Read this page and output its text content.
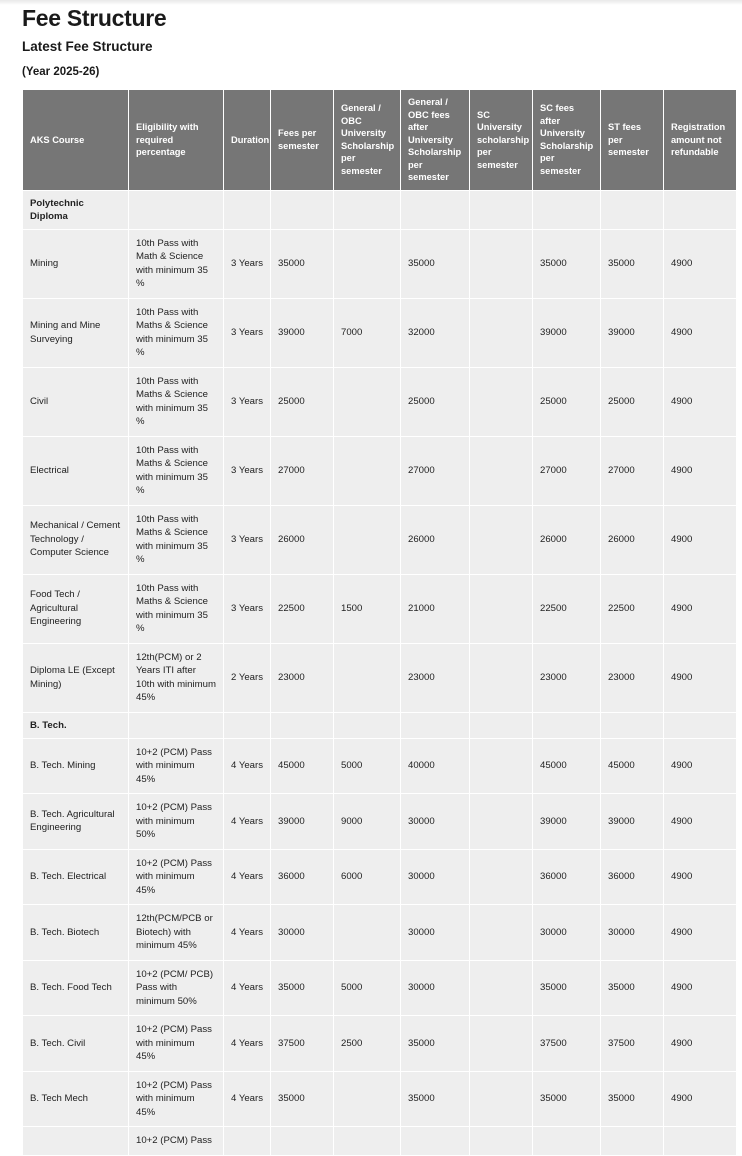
Fee Structure
Latest Fee Structure

(Year 2025-26)

AKS Course	Eligibility with required percentage	Duration	Fees per semester	General / OBC University Scholarship per semester	General / OBC fees after University Scholarship per semester	SC University scholarship per semester	SC fees after University Scholarship per semester	ST fees per semester	Registration amount not refundable
Polytechnic Diploma									
Mining	10th Pass with Math & Science with minimum 35 %	3 Years	35000		35000		35000	35000	4900
Mining and Mine Surveying	10th Pass with Maths & Science with minimum 35 %	3 Years	39000	7000	32000		39000	39000	4900
Civil	10th Pass with Maths & Science with minimum 35 %	3 Years	25000		25000		25000	25000	4900
Electrical	10th Pass with Maths & Science with minimum 35 %	3 Years	27000		27000		27000	27000	4900
Mechanical / Cement Technology / Computer Science	10th Pass with Maths & Science with minimum 35 %	3 Years	26000		26000		26000	26000	4900
Food Tech / Agricultural Engineering	10th Pass with Maths & Science with minimum 35 %	3 Years	22500	1500	21000		22500	22500	4900
Diploma LE (Except Mining)	12th(PCM) or 2 Years ITI after 10th with minimum 45%	2 Years	23000		23000		23000	23000	4900
B. Tech.									
B. Tech. Mining	10+2 (PCM) Pass with minimum 45%	4 Years	45000	5000	40000		45000	45000	4900
B. Tech. Agricultural Engineering	10+2 (PCM) Pass with minimum 50%	4 Years	39000	9000	30000		39000	39000	4900
B. Tech. Electrical	10+2 (PCM) Pass with minimum 45%	4 Years	36000	6000	30000		36000	36000	4900
B. Tech. Biotech	12th(PCM/PCB or Biotech) with minimum 45%	4 Years	30000		30000		30000	30000	4900
B. Tech. Food Tech	10+2 (PCM/ PCB) Pass with minimum 50%	4 Years	35000	5000	30000		35000	35000	4900
B. Tech. Civil	10+2 (PCM) Pass with minimum 45%	4 Years	37500	2500	35000		37500	37500	4900
B. Tech Mech	10+2 (PCM) Pass with minimum 45%	4 Years	35000		35000		35000	35000	4900
	10+2 (PCM) Pass								
